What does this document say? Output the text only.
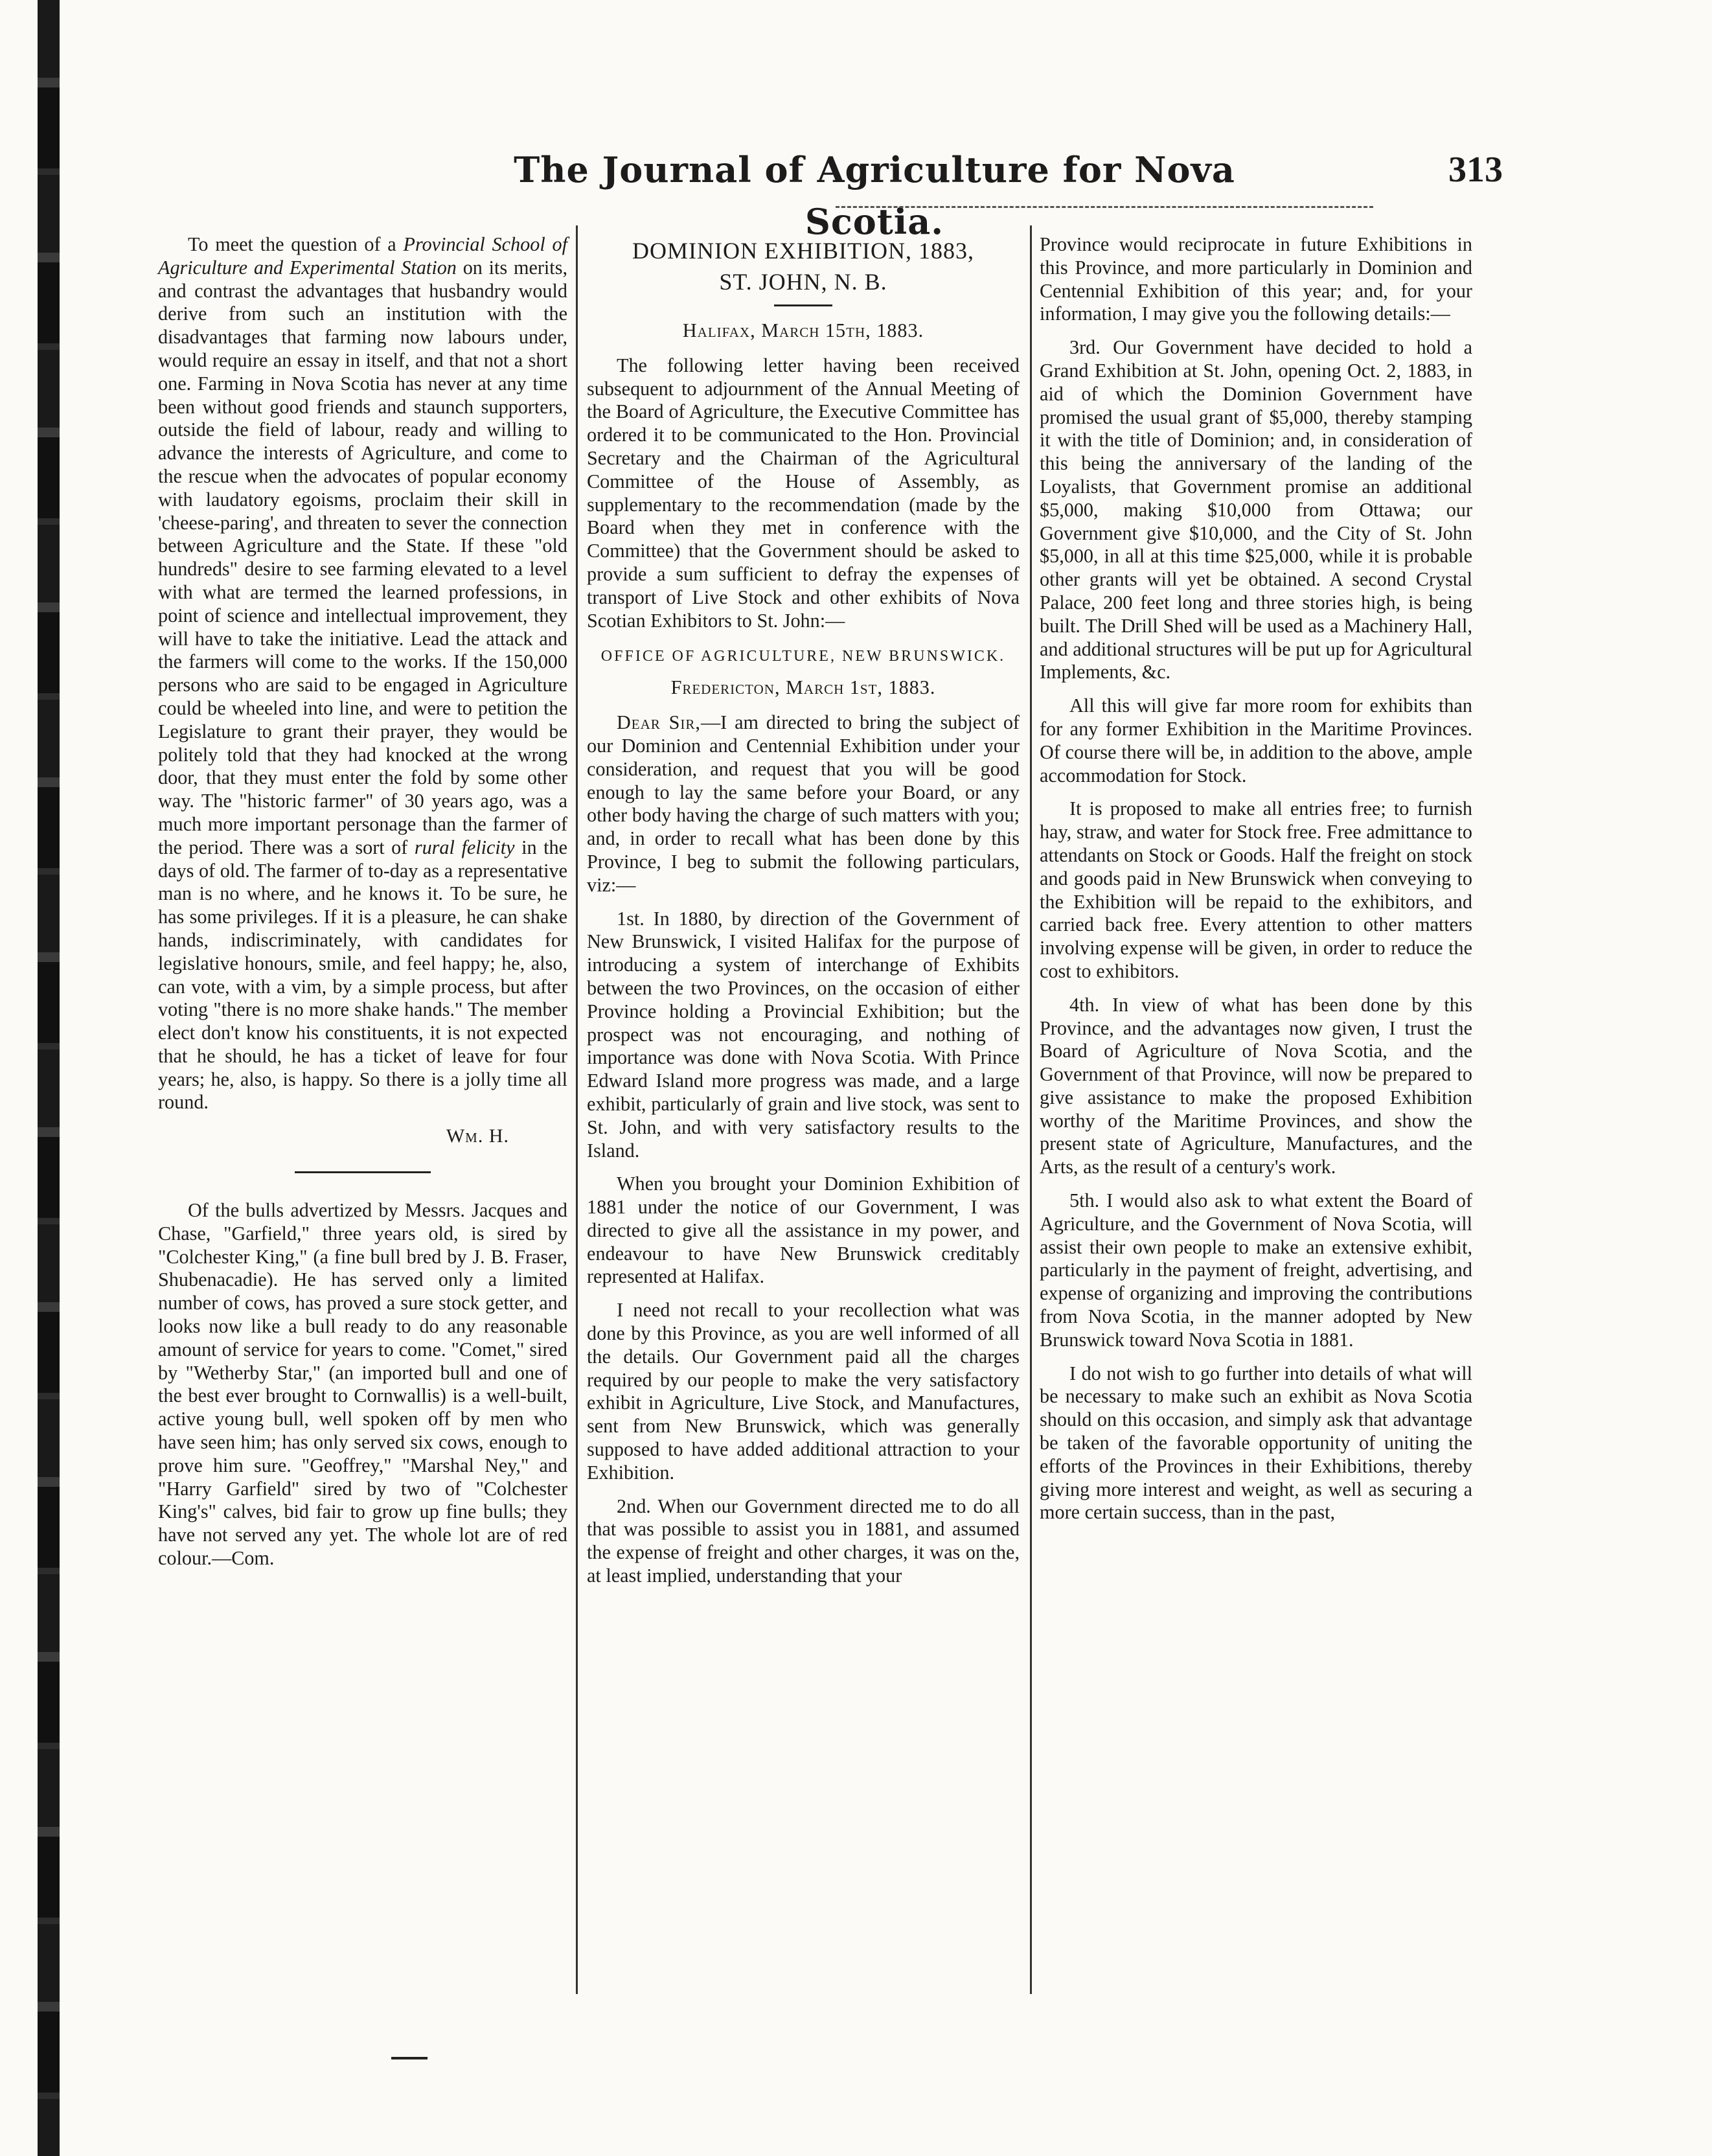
The Journal of Agriculture for Nova Scotia.
313

To meet the question of a Provincial School of Agriculture and Experimental Station on its merits, and contrast the advantages that husbandry would derive from such an institution with the disadvantages that farming now labours under, would require an essay in itself, and that not a short one. Farming in Nova Scotia has never at any time been without good friends and staunch supporters, outside the field of labour, ready and willing to advance the interests of Agriculture, and come to the rescue when the advocates of popular economy with laudatory egoisms, proclaim their skill in 'cheese-paring', and threaten to sever the connection between Agriculture and the State. If these "old hundreds" desire to see farming elevated to a level with what are termed the learned professions, in point of science and intellectual improvement, they will have to take the initiative. Lead the attack and the farmers will come to the works. If the 150,000 persons who are said to be engaged in Agriculture could be wheeled into line, and were to petition the Legislature to grant their prayer, they would be politely told that they had knocked at the wrong door, that they must enter the fold by some other way. The "historic farmer" of 30 years ago, was a much more important personage than the farmer of the period. There was a sort of rural felicity in the days of old. The farmer of to-day as a representative man is no where, and he knows it. To be sure, he has some privileges. If it is a pleasure, he can shake hands, indiscriminately, with candidates for legislative honours, smile, and feel happy; he, also, can vote, with a vim, by a simple process, but after voting "there is no more shake hands." The member elect don't know his constituents, it is not expected that he should, he has a ticket of leave for four years; he, also, is happy. So there is a jolly time all round.

Wm. H.

Of the bulls advertized by Messrs. Jacques and Chase, "Garfield," three years old, is sired by "Colchester King," (a fine bull bred by J. B. Fraser, Shubenacadie). He has served only a limited number of cows, has proved a sure stock getter, and looks now like a bull ready to do any reasonable amount of service for years to come. "Comet," sired by "Wetherby Star," (an imported bull and one of the best ever brought to Cornwallis) is a well-built, active young bull, well spoken off by men who have seen him; has only served six cows, enough to prove him sure. "Geoffrey," "Marshal Ney," and "Harry Garfield" sired by two of "Colchester King's" calves, bid fair to grow up fine bulls; they have not served any yet. The whole lot are of red colour.—Com.

DOMINION EXHIBITION, 1883,
ST. JOHN, N. B.
Halifax, March 15th, 1883.

The following letter having been received subsequent to adjournment of the Annual Meeting of the Board of Agriculture, the Executive Committee has ordered it to be communicated to the Hon. Provincial Secretary and the Chairman of the Agricultural Committee of the House of Assembly, as supplementary to the recommendation (made by the Board when they met in conference with the Committee) that the Government should be asked to provide a sum sufficient to defray the expenses of transport of Live Stock and other exhibits of Nova Scotian Exhibitors to St. John:—

OFFICE OF AGRICULTURE, NEW BRUNSWICK.
Fredericton, March 1st, 1883.

Dear Sir,—I am directed to bring the subject of our Dominion and Centennial Exhibition under your consideration, and request that you will be good enough to lay the same before your Board, or any other body having the charge of such matters with you; and, in order to recall what has been done by this Province, I beg to submit the following particulars, viz:—

1st. In 1880, by direction of the Government of New Brunswick, I visited Halifax for the purpose of introducing a system of interchange of Exhibits between the two Provinces, on the occasion of either Province holding a Provincial Exhibition; but the prospect was not encouraging, and nothing of importance was done with Nova Scotia. With Prince Edward Island more progress was made, and a large exhibit, particularly of grain and live stock, was sent to St. John, and with very satisfactory results to the Island.

When you brought your Dominion Exhibition of 1881 under the notice of our Government, I was directed to give all the assistance in my power, and endeavour to have New Brunswick creditably represented at Halifax.

I need not recall to your recollection what was done by this Province, as you are well informed of all the details. Our Government paid all the charges required by our people to make the very satisfactory exhibit in Agriculture, Live Stock, and Manufactures, sent from New Brunswick, which was generally supposed to have added additional attraction to your Exhibition.

2nd. When our Government directed me to do all that was possible to assist you in 1881, and assumed the expense of freight and other charges, it was on the, at least implied, understanding that your

Province would reciprocate in future Exhibitions in this Province, and more particularly in Dominion and Centennial Exhibition of this year; and, for your information, I may give you the following details:—

3rd. Our Government have decided to hold a Grand Exhibition at St. John, opening Oct. 2, 1883, in aid of which the Dominion Government have promised the usual grant of $5,000, thereby stamping it with the title of Dominion; and, in consideration of this being the anniversary of the landing of the Loyalists, that Government promise an additional $5,000, making $10,000 from Ottawa; our Government give $10,000, and the City of St. John $5,000, in all at this time $25,000, while it is probable other grants will yet be obtained. A second Crystal Palace, 200 feet long and three stories high, is being built. The Drill Shed will be used as a Machinery Hall, and additional structures will be put up for Agricultural Implements, &c.

All this will give far more room for exhibits than for any former Exhibition in the Maritime Provinces. Of course there will be, in addition to the above, ample accommodation for Stock.

It is proposed to make all entries free; to furnish hay, straw, and water for Stock free. Free admittance to attendants on Stock or Goods. Half the freight on stock and goods paid in New Brunswick when conveying to the Exhibition will be repaid to the exhibitors, and carried back free. Every attention to other matters involving expense will be given, in order to reduce the cost to exhibitors.

4th. In view of what has been done by this Province, and the advantages now given, I trust the Board of Agriculture of Nova Scotia, and the Government of that Province, will now be prepared to give assistance to make the proposed Exhibition worthy of the Maritime Provinces, and show the present state of Agriculture, Manufactures, and the Arts, as the result of a century's work.

5th. I would also ask to what extent the Board of Agriculture, and the Government of Nova Scotia, will assist their own people to make an extensive exhibit, particularly in the payment of freight, advertising, and expense of organizing and improving the contributions from Nova Scotia, in the manner adopted by New Brunswick toward Nova Scotia in 1881.

I do not wish to go further into details of what will be necessary to make such an exhibit as Nova Scotia should on this occasion, and simply ask that advantage be taken of the favorable opportunity of uniting the efforts of the Provinces in their Exhibitions, thereby giving more interest and weight, as well as securing a more certain success, than in the past,
